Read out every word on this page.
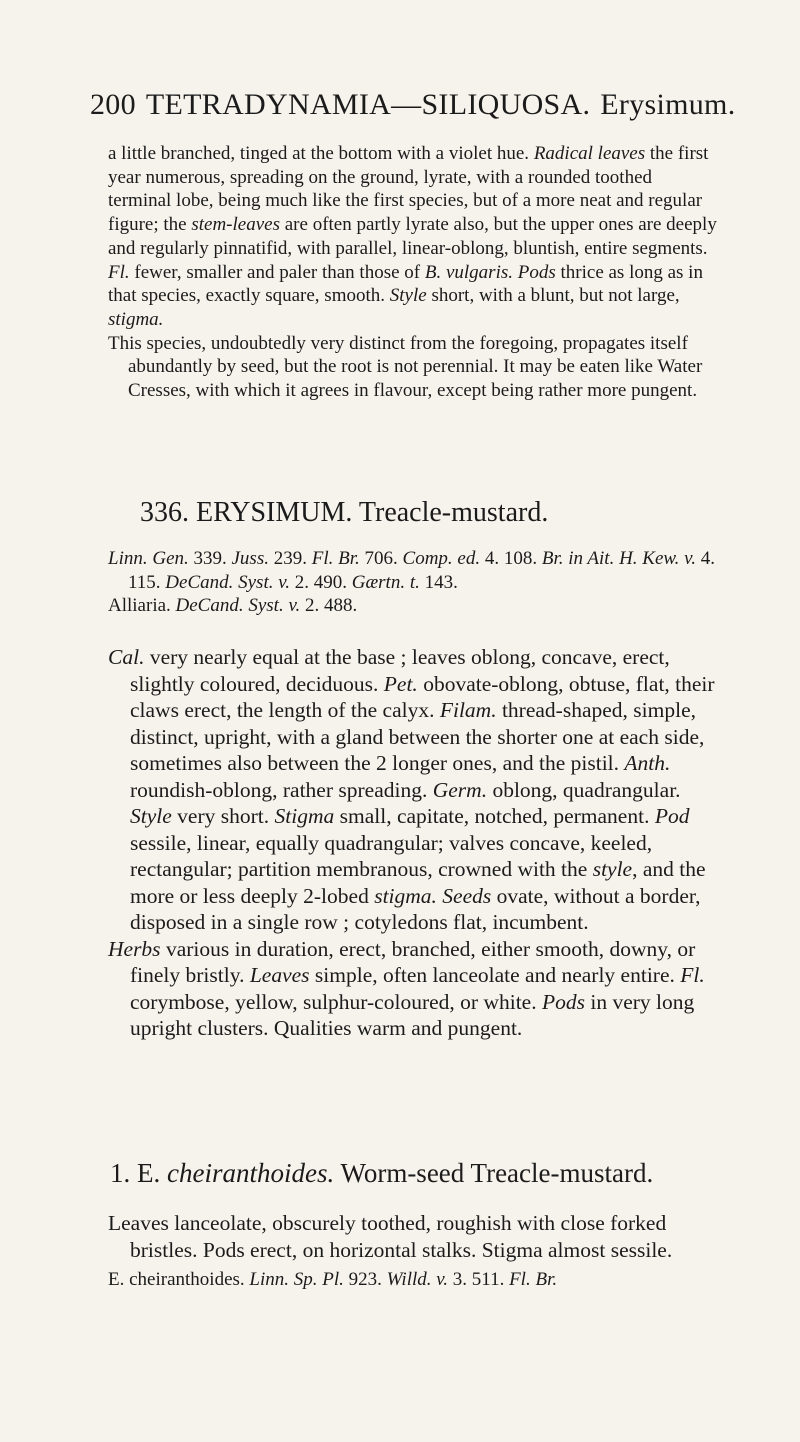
200 TETRADYNAMIA—SILIQUOSA. Erysimum.

a little branched, tinged at the bottom with a violet hue. Radical leaves the first year numerous, spreading on the ground, lyrate, with a rounded toothed terminal lobe, being much like the first species, but of a more neat and regular figure; the stem-leaves are often partly lyrate also, but the upper ones are deeply and regularly pinnatifid, with parallel, linear-oblong, bluntish, entire segments. Fl. fewer, smaller and paler than those of B. vulgaris. Pods thrice as long as in that species, exactly square, smooth. Style short, with a blunt, but not large, stigma.

This species, undoubtedly very distinct from the foregoing, propagates itself abundantly by seed, but the root is not perennial. It may be eaten like Water Cresses, with which it agrees in flavour, except being rather more pungent.

336. ERYSIMUM. Treacle-mustard.

Linn. Gen. 339. Juss. 239. Fl. Br. 706. Comp. ed. 4. 108. Br. in Ait. H. Kew. v. 4. 115. DeCand. Syst. v. 2. 490. Gærtn. t. 143.

Alliaria. DeCand. Syst. v. 2. 488.

Cal. very nearly equal at the base ; leaves oblong, concave, erect, slightly coloured, deciduous. Pet. obovate-oblong, obtuse, flat, their claws erect, the length of the calyx. Filam. thread-shaped, simple, distinct, upright, with a gland between the shorter one at each side, sometimes also between the 2 longer ones, and the pistil. Anth. roundish-oblong, rather spreading. Germ. oblong, quadrangular. Style very short. Stigma small, capitate, notched, permanent. Pod sessile, linear, equally quadrangular; valves concave, keeled, rectangular; partition membranous, crowned with the style, and the more or less deeply 2-lobed stigma. Seeds ovate, without a border, disposed in a single row ; cotyledons flat, incumbent.

Herbs various in duration, erect, branched, either smooth, downy, or finely bristly. Leaves simple, often lanceolate and nearly entire. Fl. corymbose, yellow, sulphur-coloured, or white. Pods in very long upright clusters. Qualities warm and pungent.

1. E. cheiranthoides. Worm-seed Treacle-mustard.

Leaves lanceolate, obscurely toothed, roughish with close forked bristles. Pods erect, on horizontal stalks. Stigma almost sessile.

E. cheiranthoides. Linn. Sp. Pl. 923. Willd. v. 3. 511. Fl. Br.
